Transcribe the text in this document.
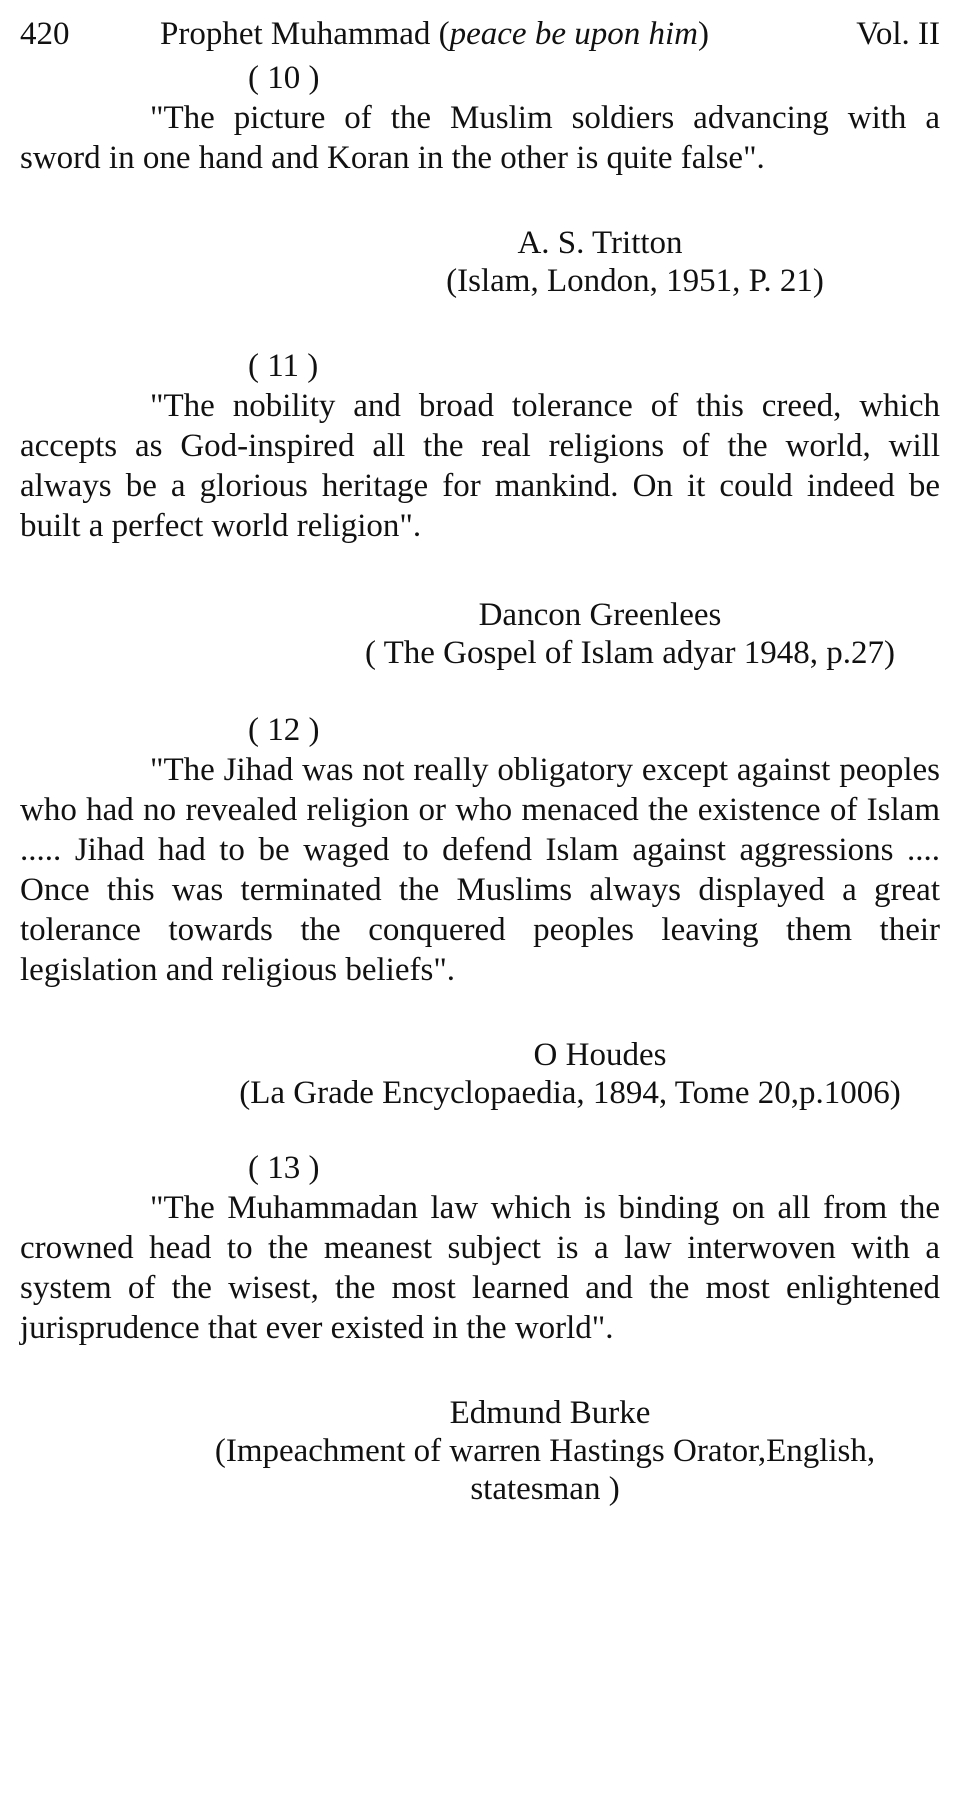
420	Prophet Muhammad (peace be upon him)	Vol. II
( 10 )
"The picture of the Muslim soldiers advancing with a sword in one hand and Koran in the other is quite false".
A. S. Tritton
(Islam, London, 1951, P. 21)
( 11 )
"The nobility and broad tolerance of this creed, which accepts as God-inspired all the real religions of the world, will always be a glorious heritage for mankind. On it could indeed be built a perfect world religion".
Dancon Greenlees
( The Gospel of Islam adyar 1948, p.27)
( 12 )
"The Jihad was not really obligatory except against peoples who had no revealed religion or who menaced the existence of Islam ..... Jihad had to be waged to defend Islam against aggressions .... Once this was terminated the Muslims always displayed a great tolerance towards the conquered peoples leaving them their legislation and religious beliefs".
O Houdes
(La Grade Encyclopaedia, 1894, Tome 20,p.1006)
( 13 )
"The Muhammadan law which is binding on all from the crowned head to the meanest subject is a law interwoven with a system of the wisest, the most learned and the most enlightened jurisprudence that ever existed in the world".
Edmund Burke
(Impeachment of warren Hastings Orator,English, statesman )
